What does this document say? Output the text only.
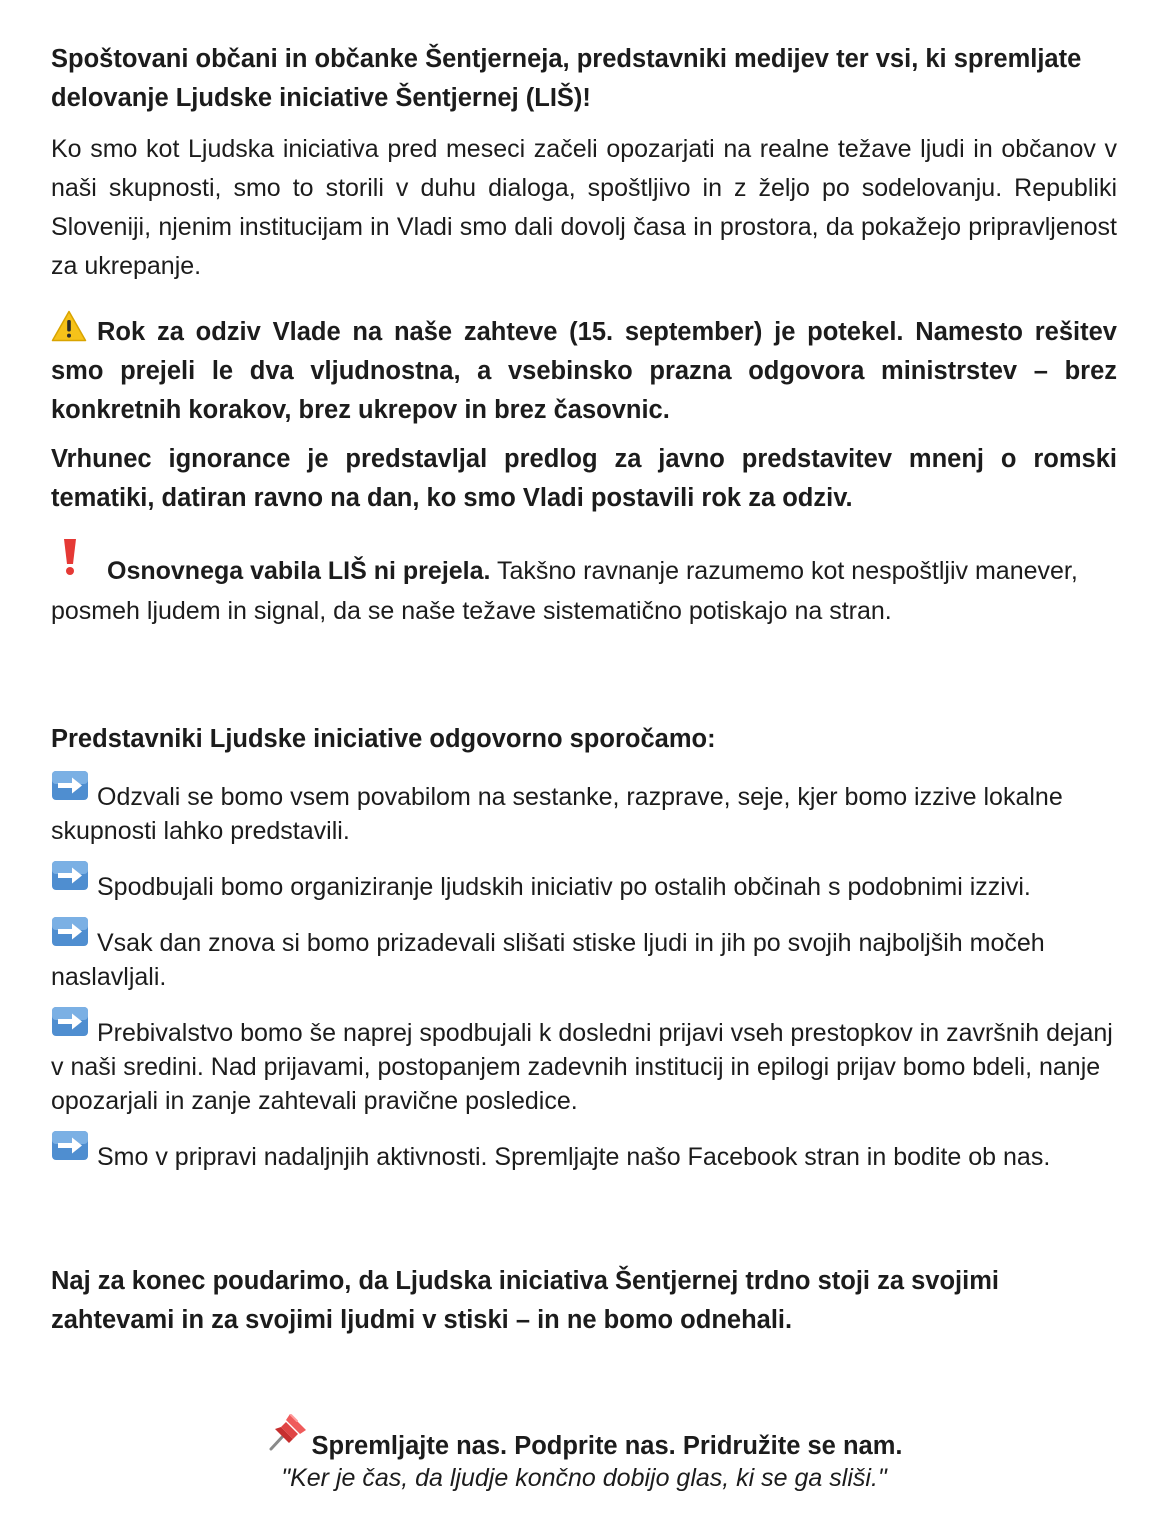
Spoštovani občani in občanke Šentjerneja, predstavniki medijev ter vsi, ki spremljate delovanje Ljudske iniciative Šentjernej (LIŠ)!

Ko smo kot Ljudska iniciativa pred meseci začeli opozarjati na realne težave ljudi in občanov v naši skupnosti, smo to storili v duhu dialoga, spoštljivo in z željo po sodelovanju. Republiki Sloveniji, njenim institucijam in Vladi smo dali dovolj časa in prostora, da pokažejo pripravljenost za ukrepanje.

Rok za odziv Vlade na naše zahteve (15. september) je potekel. Namesto rešitev smo prejeli le dva vljudnostna, a vsebinsko prazna odgovora ministrstev – brez konkretnih korakov, brez ukrepov in brez časovnic.

Vrhunec ignorance je predstavljal predlog za javno predstavitev mnenj o romski tematiki, datiran ravno na dan, ko smo Vladi postavili rok za odziv.

Osnovnega vabila LIŠ ni prejela. Takšno ravnanje razumemo kot nespoštljiv manever, posmeh ljudem in signal, da se naše težave sistematično potiskajo na stran.

Predstavniki Ljudske iniciative odgovorno sporočamo:

Odzvali se bomo vsem povabilom na sestanke, razprave, seje, kjer bomo izzive lokalne skupnosti lahko predstavili.
Spodbujali bomo organiziranje ljudskih iniciativ po ostalih občinah s podobnimi izzivi.
Vsak dan znova si bomo prizadevali slišati stiske ljudi in jih po svojih najboljših močeh naslavljali.
Prebivalstvo bomo še naprej spodbujali k dosledni prijavi vseh prestopkov in završnih dejanj v naši sredini. Nad prijavami, postopanjem zadevnih institucij in epilogi prijav bomo bdeli, nanje opozarjali in zanje zahtevali pravične posledice.
Smo v pripravi nadaljnjih aktivnosti. Spremljajte našo Facebook stran in bodite ob nas.

Naj za konec poudarimo, da Ljudska iniciativa Šentjernej trdno stoji za svojimi zahtevami in za svojimi ljudmi v stiski – in ne bomo odnehali.

Spremljajte nas. Podprite nas. Pridružite se nam.
"Ker je čas, da ljudje končno dobijo glas, ki se ga sliši."
